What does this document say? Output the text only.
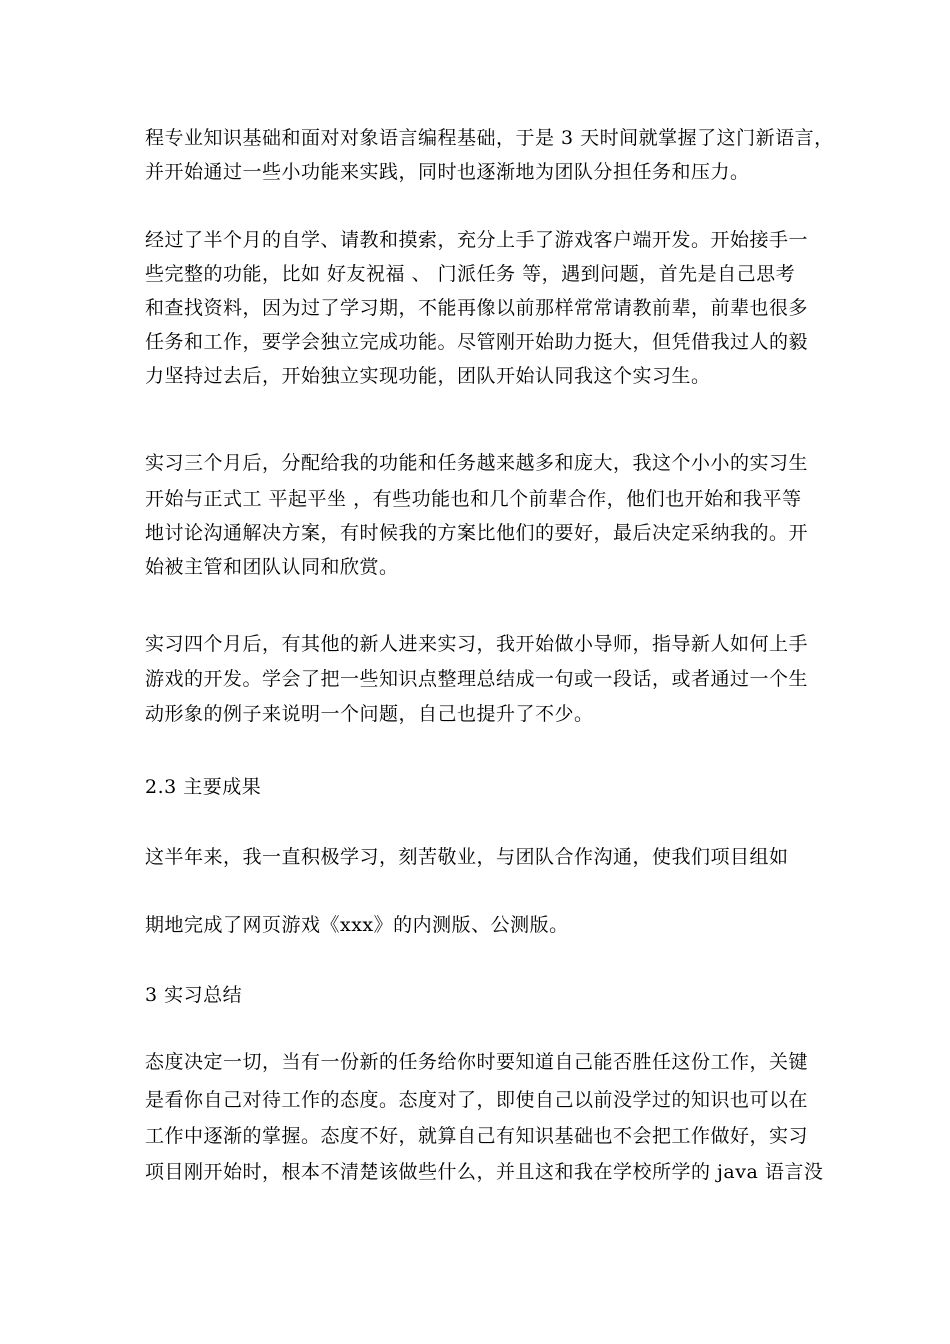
程专业知识基础和面对对象语言编程基础，于是 3 天时间就掌握了这门新语言，
并开始通过一些小功能来实践，同时也逐渐地为团队分担任务和压力。
经过了半个月的自学、请教和摸索，充分上手了游戏客户端开发。开始接手一
些完整的功能，比如 好友祝福 、 门派任务 等，遇到问题，首先是自己思考
和查找资料，因为过了学习期，不能再像以前那样常常请教前辈，前辈也很多
任务和工作，要学会独立完成功能。尽管刚开始助力挺大，但凭借我过人的毅
力坚持过去后，开始独立实现功能，团队开始认同我这个实习生。
实习三个月后，分配给我的功能和任务越来越多和庞大，我这个小小的实习生
开始与正式工 平起平坐 ，有些功能也和几个前辈合作，他们也开始和我平等
地讨论沟通解决方案，有时候我的方案比他们的要好，最后决定采纳我的。开
始被主管和团队认同和欣赏。
实习四个月后，有其他的新人进来实习，我开始做小导师，指导新人如何上手
游戏的开发。学会了把一些知识点整理总结成一句或一段话，或者通过一个生
动形象的例子来说明一个问题，自己也提升了不少。
2.3 主要成果
这半年来，我一直积极学习，刻苦敬业，与团队合作沟通，使我们项目组如
期地完成了网页游戏《xxx》的内测版、公测版。
3 实习总结
态度决定一切，当有一份新的任务给你时要知道自己能否胜任这份工作，关键
是看你自己对待工作的态度。态度对了，即使自己以前没学过的知识也可以在
工作中逐渐的掌握。态度不好，就算自己有知识基础也不会把工作做好，实习
项目刚开始时，根本不清楚该做些什么，并且这和我在学校所学的 java 语言没
